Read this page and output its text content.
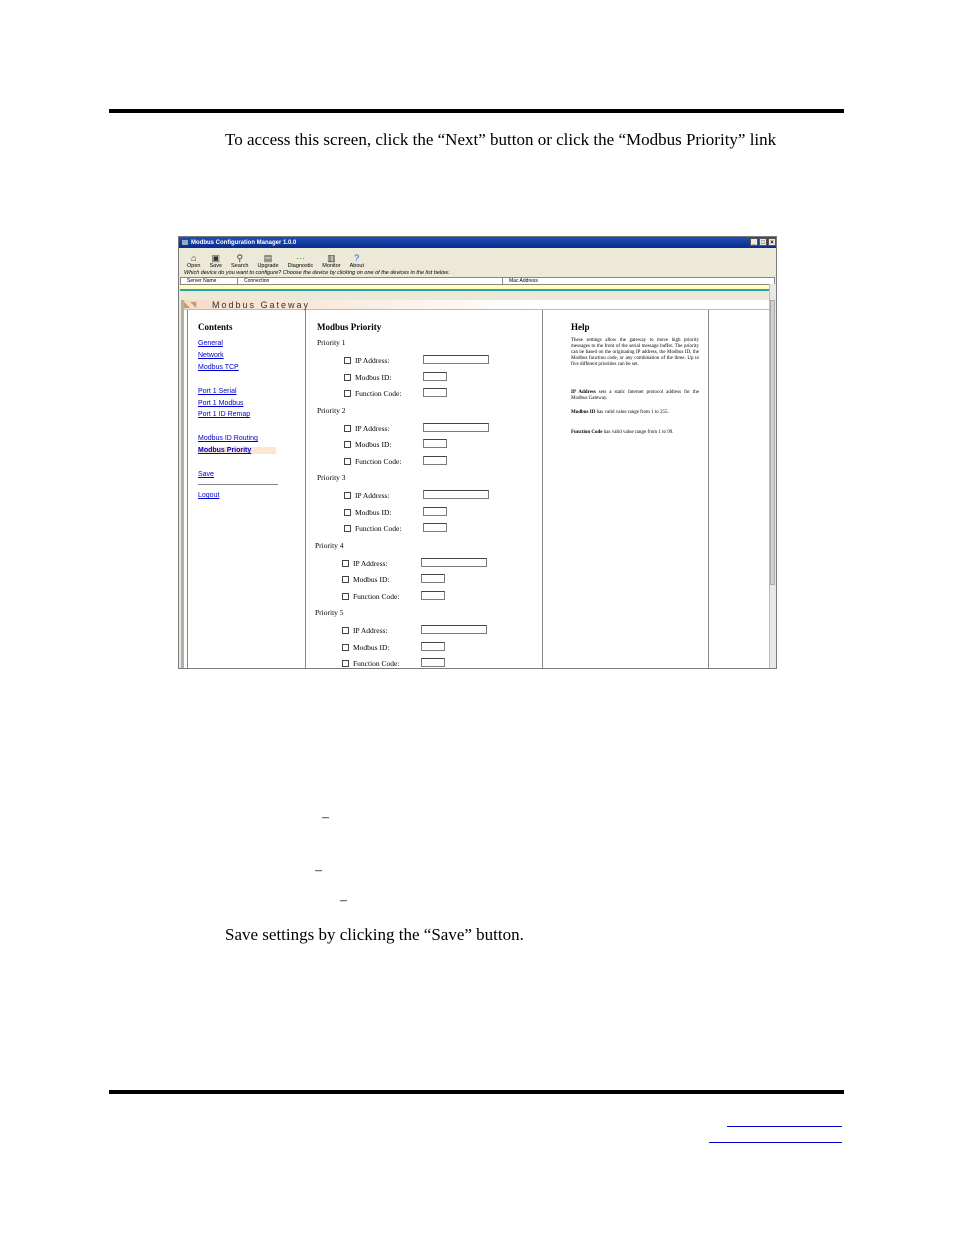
To access this screen, click the “Next” button or click the “Modbus Priority” link
Modbus Configuration Manager 1.0.0	_ □ ×
⌂
Open
▣
Save
⚲
Search
▤
Upgrade
⋯
Diagnostic
▥
Monitor
?
About
Which device do you want to configure? Choose the device by clicking on one of the devices in the list below.
Server Name	Connection	Mac Address
◣◥	Modbus Gateway
Contents
General
Network
Modbus TCP
Port 1 Serial
Port 1 Modbus
Port 1 ID Remap
Modbus ID Routing
Modbus Priority
Save
Logout
Modbus Priority
Priority 1
IP Address:
Modbus ID:
Function Code:
Priority 2
IP Address:
Modbus ID:
Function Code:
Priority 3
IP Address:
Modbus ID:
Function Code:
Priority 4
IP Address:
Modbus ID:
Function Code:
Priority 5
IP Address:
Modbus ID:
Function Code:
Help
These settings allow the gateway to move high priority messages to the front of the serial message buffer. The priority can be based on the originating IP address, the Modbus ID, the Modbus function code, or any combination of the three. Up to five different priorities can be set.
IP Address sets a static Internet protocol address for the Modbus Gateway.
Modbus ID has valid value range from 1 to 255.
Function Code has valid value range from 1 to 99.
–
–
–
Save settings by clicking the “Save” button.
